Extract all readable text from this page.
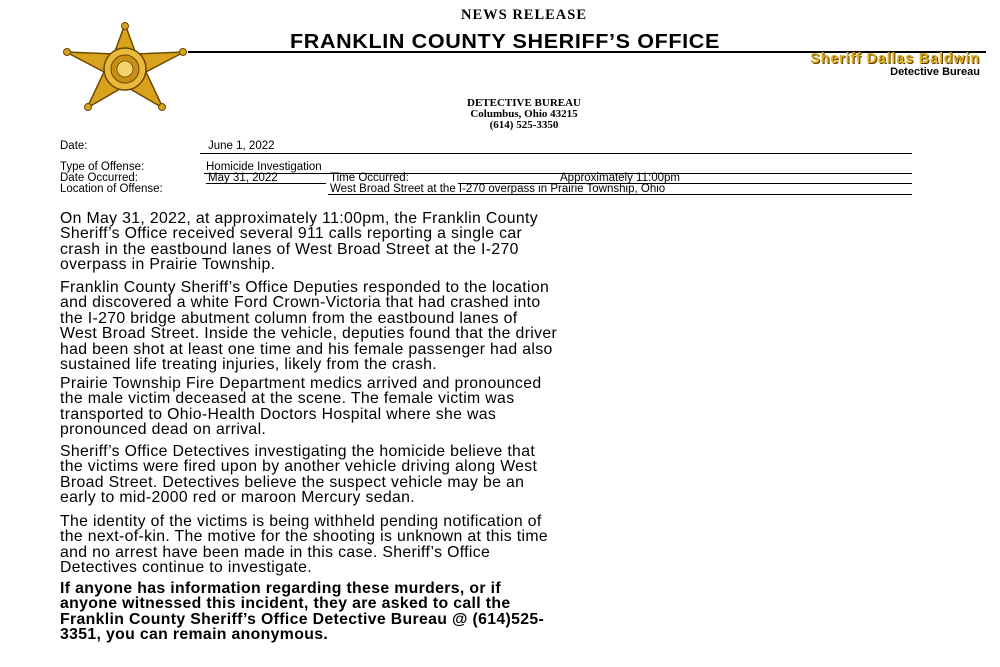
NEWS RELEASE
FRANKLIN COUNTY SHERIFF’S OFFICE
Sheriff Dallas Baldwin
Detective Bureau
DETECTIVE BUREAU
Columbus, Ohio 43215
(614) 525-3350
Date:	June 1, 2022
Type of Offense:	Homicide Investigation
Date Occurred:	May 31, 2022	Time Occurred:	Approximately 11:00pm
Location of Offense:	West Broad Street at the I-270 overpass in Prairie Township, Ohio
On May 31, 2022, at approximately 11:00pm, the Franklin County
Sheriff’s Office received several 911 calls reporting a single car
crash in the eastbound lanes of West Broad Street at the I-270
overpass in Prairie Township.
Franklin County Sheriff’s Office Deputies responded to the location
and discovered a white Ford Crown-Victoria that had crashed into
the I-270 bridge abutment column from the eastbound lanes of
West Broad Street. Inside the vehicle, deputies found that the driver
had been shot at least one time and his female passenger had also
sustained life treating injuries, likely from the crash.
Prairie Township Fire Department medics arrived and pronounced
the male victim deceased at the scene. The female victim was
transported to Ohio-Health Doctors Hospital where she was
pronounced dead on arrival.
Sheriff’s Office Detectives investigating the homicide believe that
the victims were fired upon by another vehicle driving along West
Broad Street. Detectives believe the suspect vehicle may be an
early to mid-2000 red or maroon Mercury sedan.
The identity of the victims is being withheld pending notification of
the next-of-kin. The motive for the shooting is unknown at this time
and no arrest have been made in this case. Sheriff’s Office
Detectives continue to investigate.
If anyone has information regarding these murders, or if
anyone witnessed this incident, they are asked to call the
Franklin County Sheriff’s Office Detective Bureau @ (614)525-
3351, you can remain anonymous.
